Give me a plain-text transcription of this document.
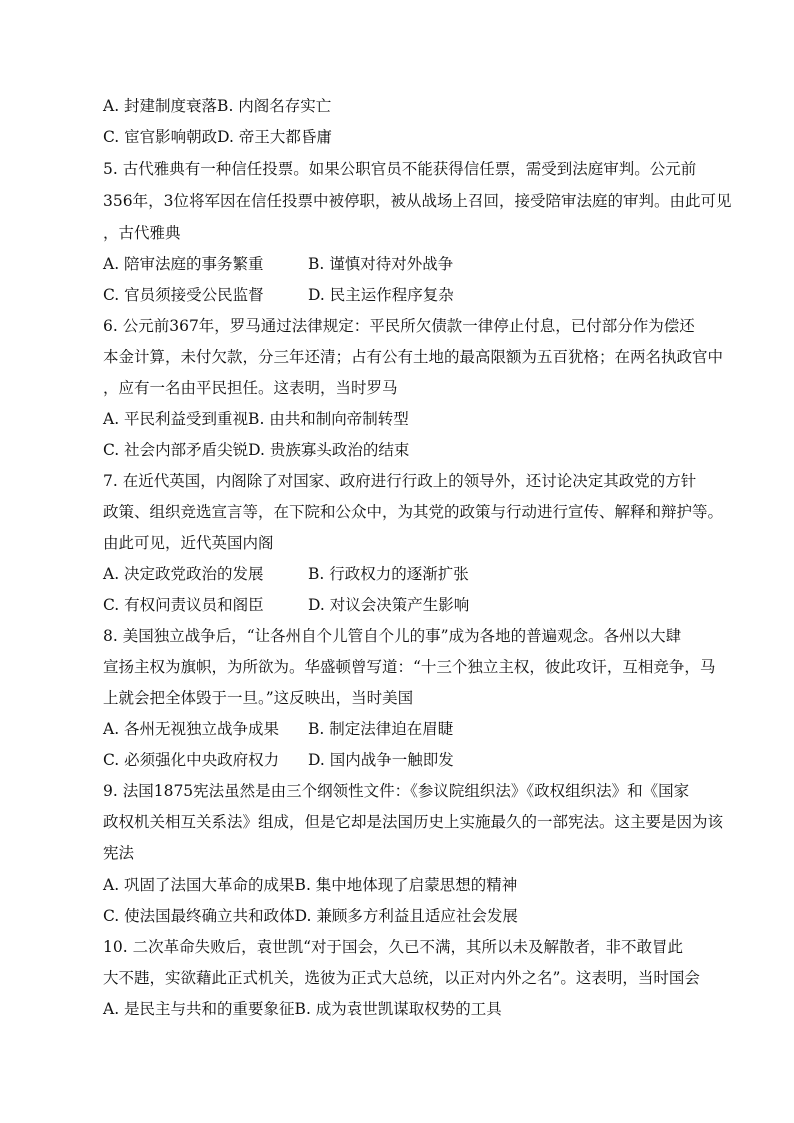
A. 封建制度衰落B. 内阁名存实亡
C. 宦官影响朝政D. 帝王大都昏庸
5. 古代雅典有一种信任投票。如果公职官员不能获得信任票，需受到法庭审判。公元前
356年，3位将军因在信任投票中被停职，被从战场上召回，接受陪审法庭的审判。由此可见
，古代雅典
A. 陪审法庭的事务繁重	B. 谨慎对待对外战争
C. 官员须接受公民监督	D. 民主运作程序复杂
6. 公元前367年，罗马通过法律规定：平民所欠债款一律停止付息，已付部分作为偿还
本金计算，未付欠款，分三年还清；占有公有土地的最高限额为五百犹格；在两名执政官中
，应有一名由平民担任。这表明，当时罗马
A. 平民利益受到重视B. 由共和制向帝制转型
C. 社会内部矛盾尖锐D. 贵族寡头政治的结束
7. 在近代英国，内阁除了对国家、政府进行行政上的领导外，还讨论决定其政党的方针
政策、组织竞选宣言等，在下院和公众中，为其党的政策与行动进行宣传、解释和辩护等。
由此可见，近代英国内阁
A. 决定政党政治的发展	B. 行政权力的逐渐扩张
C. 有权问责议员和阁臣	D. 对议会决策产生影响
8. 美国独立战争后，“让各州自个儿管自个儿的事”成为各地的普遍观念。各州以大肆
宣扬主权为旗帜，为所欲为。华盛顿曾写道：“十三个独立主权，彼此攻讦，互相竞争，马
上就会把全体毁于一旦。”这反映出，当时美国
A. 各州无视独立战争成果 B. 制定法律迫在眉睫
C. 必须强化中央政府权力 D. 国内战争一触即发
9. 法国1875宪法虽然是由三个纲领性文件：《参议院组织法》《政权组织法》和《国家
政权机关相互关系法》组成，但是它却是法国历史上实施最久的一部宪法。这主要是因为该
宪法
A. 巩固了法国大革命的成果B. 集中地体现了启蒙思想的精神
C. 使法国最终确立共和政体D. 兼顾多方利益且适应社会发展
10. 二次革命失败后，袁世凯“对于国会，久已不满，其所以未及解散者，非不敢冒此
大不韪，实欲藉此正式机关，选彼为正式大总统，以正对内外之名”。这表明，当时国会
A. 是民主与共和的重要象征B. 成为袁世凯谋取权势的工具
